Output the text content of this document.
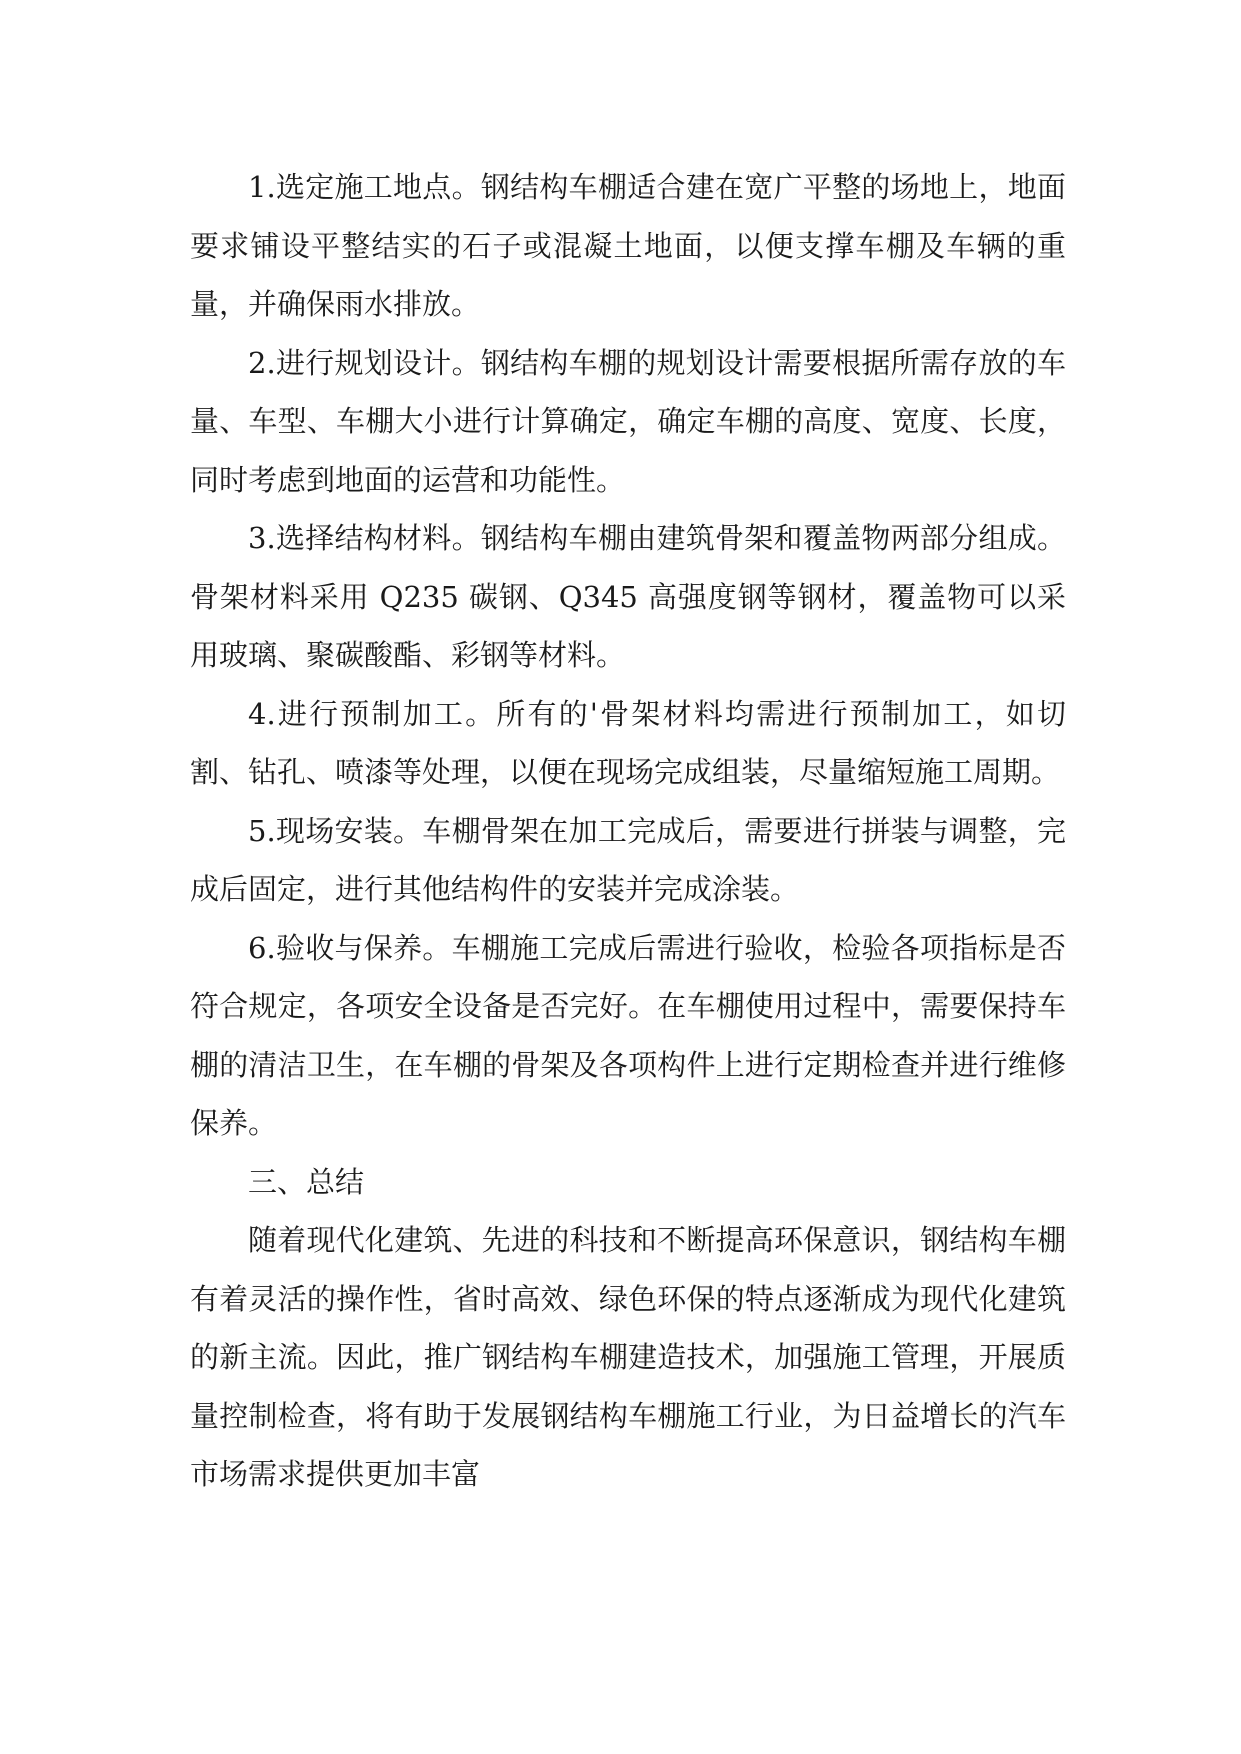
1.选定施工地点。钢结构车棚适合建在宽广平整的场地上，地面要求铺设平整结实的石子或混凝土地面，以便支撑车棚及车辆的重量，并确保雨水排放。

2.进行规划设计。钢结构车棚的规划设计需要根据所需存放的车量、车型、车棚大小进行计算确定，确定车棚的高度、宽度、长度，同时考虑到地面的运营和功能性。

3.选择结构材料。钢结构车棚由建筑骨架和覆盖物两部分组成。骨架材料采用 Q235 碳钢、Q345 高强度钢等钢材，覆盖物可以采用玻璃、聚碳酸酯、彩钢等材料。

4.进行预制加工。所有的'骨架材料均需进行预制加工，如切割、钻孔、喷漆等处理，以便在现场完成组装，尽量缩短施工周期。

5.现场安装。车棚骨架在加工完成后，需要进行拼装与调整，完成后固定，进行其他结构件的安装并完成涂装。

6.验收与保养。车棚施工完成后需进行验收，检验各项指标是否符合规定，各项安全设备是否完好。在车棚使用过程中，需要保持车棚的清洁卫生，在车棚的骨架及各项构件上进行定期检查并进行维修保养。

三、总结

随着现代化建筑、先进的科技和不断提高环保意识，钢结构车棚有着灵活的操作性，省时高效、绿色环保的特点逐渐成为现代化建筑的新主流。因此，推广钢结构车棚建造技术，加强施工管理，开展质量控制检查，将有助于发展钢结构车棚施工行业，为日益增长的汽车市场需求提供更加丰富
